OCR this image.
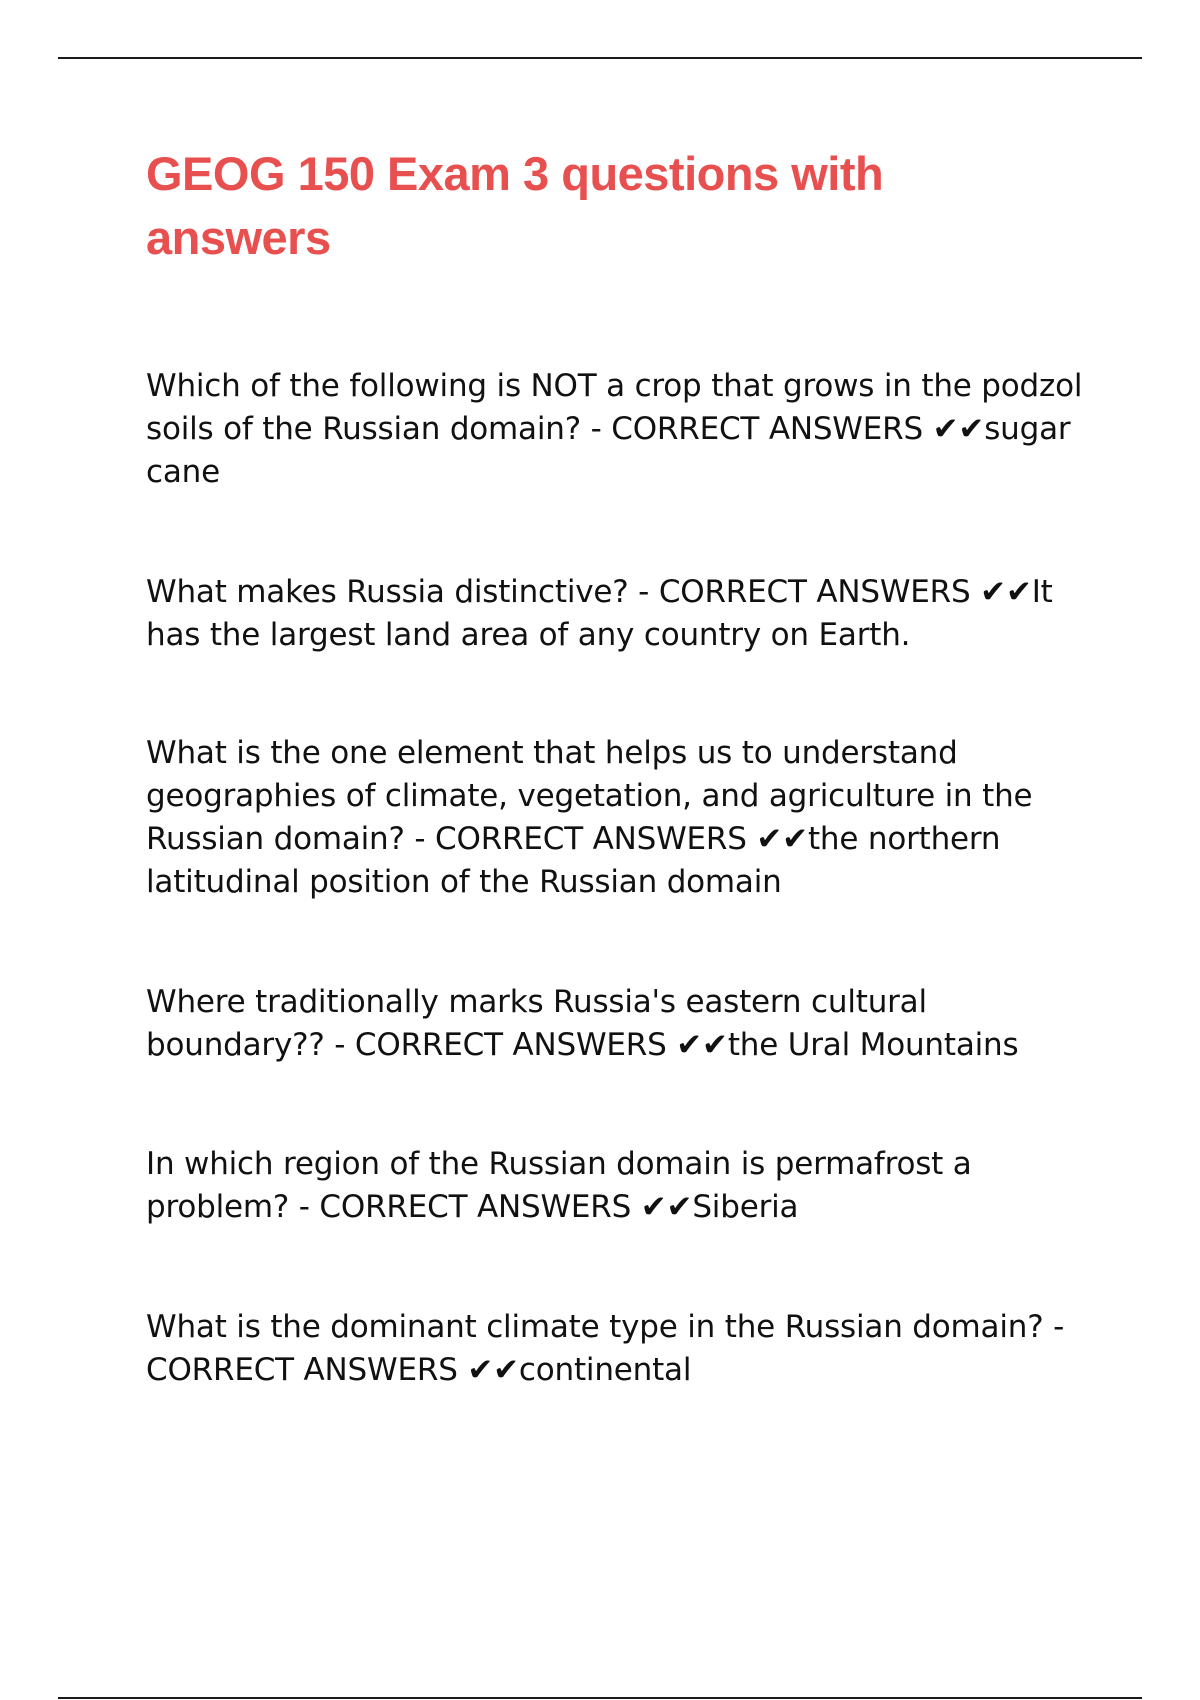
GEOG 150 Exam 3 questions with answers

Which of the following is NOT a crop that grows in the podzol soils of the Russian domain? - CORRECT ANSWERS ✔✔sugar cane

What makes Russia distinctive? - CORRECT ANSWERS ✔✔It has the largest land area of any country on Earth.

What is the one element that helps us to understand geographies of climate, vegetation, and agriculture in the Russian domain? - CORRECT ANSWERS ✔✔the northern latitudinal position of the Russian domain

Where traditionally marks Russia's eastern cultural boundary?? - CORRECT ANSWERS ✔✔the Ural Mountains

In which region of the Russian domain is permafrost a problem? - CORRECT ANSWERS ✔✔Siberia

What is the dominant climate type in the Russian domain? - CORRECT ANSWERS ✔✔continental
